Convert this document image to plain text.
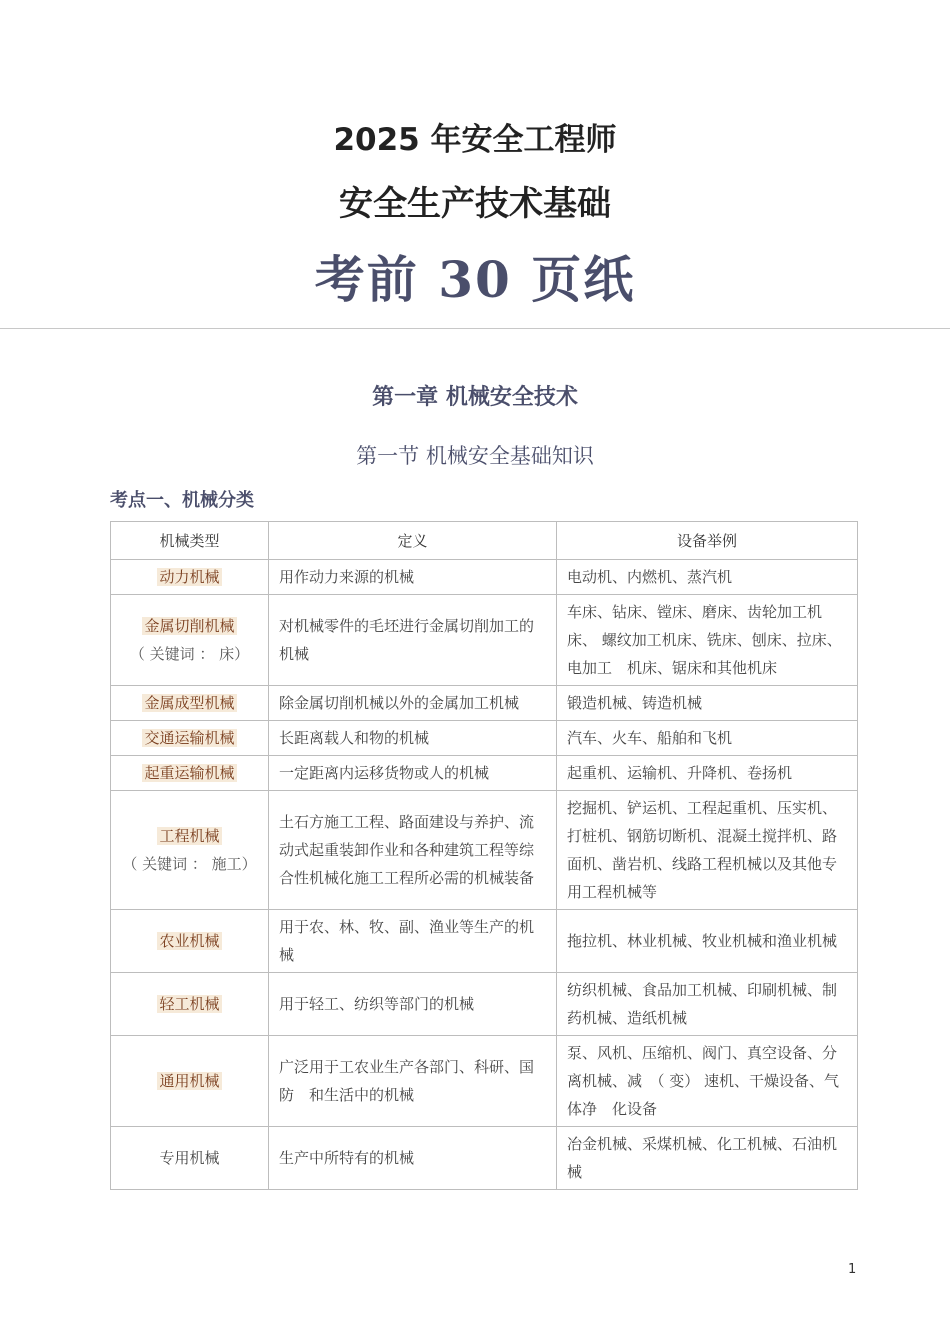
2025 年安全工程师
安全生产技术基础
考前 30 页纸
第一章 机械安全技术
第一节 机械安全基础知识
考点一、机械分类
机械类型	定义	设备举例
动力机械	用作动力来源的机械	电动机、内燃机、蒸汽机
金属切削机械
（ 关键词 ： 床）	对机械零件的毛坯进行金属切削加工的机械	车床、钻床、镗床、磨床、齿轮加工机床、 螺纹加工机床、铣床、刨床、拉床、电加工　机床、锯床和其他机床
金属成型机械	除金属切削机械以外的金属加工机械	锻造机械、铸造机械
交通运输机械	长距离载人和物的机械	汽车、火车、船舶和飞机
起重运输机械	一定距离内运移货物或人的机械	起重机、运输机、升降机、卷扬机
工程机械
（ 关键词 ： 施工）	土石方施工工程、路面建设与养护、流动式起重装卸作业和各种建筑工程等综合性机械化施工工程所必需的机械装备	挖掘机、铲运机、工程起重机、压实机、 打桩机、钢筋切断机、混凝土搅拌机、路面机、凿岩机、线路工程机械以及其他专用工程机械等
农业机械	用于农、林、牧、副、渔业等生产的机械	拖拉机、林业机械、牧业机械和渔业机械
轻工机械	用于轻工、纺织等部门的机械	纺织机械、食品加工机械、印刷机械、制　药机械、造纸机械
通用机械	广泛用于工农业生产各部门、科研、国防　和生活中的机械	泵、风机、压缩机、阀门、真空设备、分　离机械、减　（ 变） 速机、干燥设备、气体净　化设备
专用机械	生产中所特有的机械	冶金机械、采煤机械、化工机械、石油机械
1
